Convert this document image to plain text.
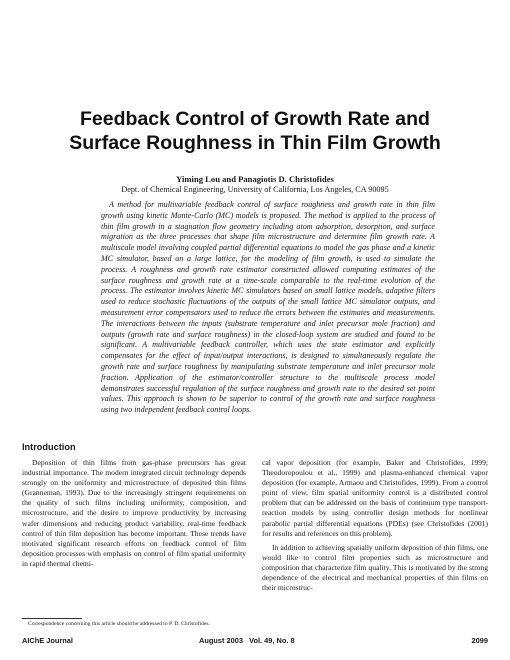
Feedback Control of Growth Rate and
Surface Roughness in Thin Film Growth

Yiming Lou and Panagiotis D. Christofides

Dept. of Chemical Engineering, University of California, Los Angeles, CA 90095

A method for multivariable feedback control of surface roughness and growth rate in thin film growth using kinetic Monte-Carlo (MC) models is proposed. The method is applied to the process of thin film growth in a stagnation flow geometry including atom adsorption, desorption, and surface migration as the three processes that shape film microstructure and determine film growth rate. A multiscale model involving coupled partial differential equations to model the gas phase and a kinetic MC simulator, based on a large lattice, for the modeling of film growth, is used to simulate the process. A roughness and growth rate estimator constructed allowed computing estimates of the surface roughness and growth rate at a time-scale comparable to the real-time evolution of the process. The estimator involves kinetic MC simulators based on small lattice models, adaptive filters used to reduce stochastic fluctuations of the outputs of the small lattice MC simulator outputs, and measurement error compensators used to reduce the errors between the estimates and measurements. The interactions between the inputs (substrate temperature and inlet precursor mole fraction) and outputs (growth rate and surface roughness) in the closed-loop system are studied and found to be significant. A multivariable feedback controller, which uses the state estimator and explicitly compensates for the effect of input/output interactions, is designed to simultaneously regulate the growth rate and surface roughness by manipulating substrate temperature and inlet precursor mole fraction. Application of the estimator/controller structure to the multiscale process model demonstrates successful regulation of the surface roughness and growth rate to the desired set point values. This approach is shown to be superior to control of the growth rate and surface roughness using two independent feedback control loops.

Introduction

Deposition of thin films from gas-phase precursors has great industrial importance. The modern integrated circuit technology depends strongly on the uniformity and microstructure of deposited thin films (Granneman, 1993). Due to the increasingly stringent requirements on the quality of such films including uniformity, composition, and microstructure, and the desire to improve productivity by increasing wafer dimensions and reducing product variability, real-time feedback control of thin film deposition has become important. These trends have motivated significant research efforts on feedback control of film deposition processes with emphasis on control of film spatial uniformity in rapid thermal chemi-

cal vapor deposition (for example, Baker and Christofides, 1999; Theodoropoulou et al., 1999) and plasma-enhanced chemical vapor deposition (for example, Armaou and Christofides, 1999). From a control point of view, film spatial uniformity control is a distributed control problem that can be addressed on the basis of continuum type transport-reaction models by using controller design methods for nonlinear parabolic partial differential equations (PDEs) (see Christofides (2001) for results and references on this problem).

In addition to achieving spatially uniform deposition of thin films, one would like to control film properties such as microstructure and composition that characterize film quality. This is motivated by the strong dependence of the electrical and mechanical properties of thin films on their microstruc-

Correspondence concerning this article should be addressed to P. D. Christofides.

AIChE Journal	August 2003   Vol. 49, No. 8	2099
